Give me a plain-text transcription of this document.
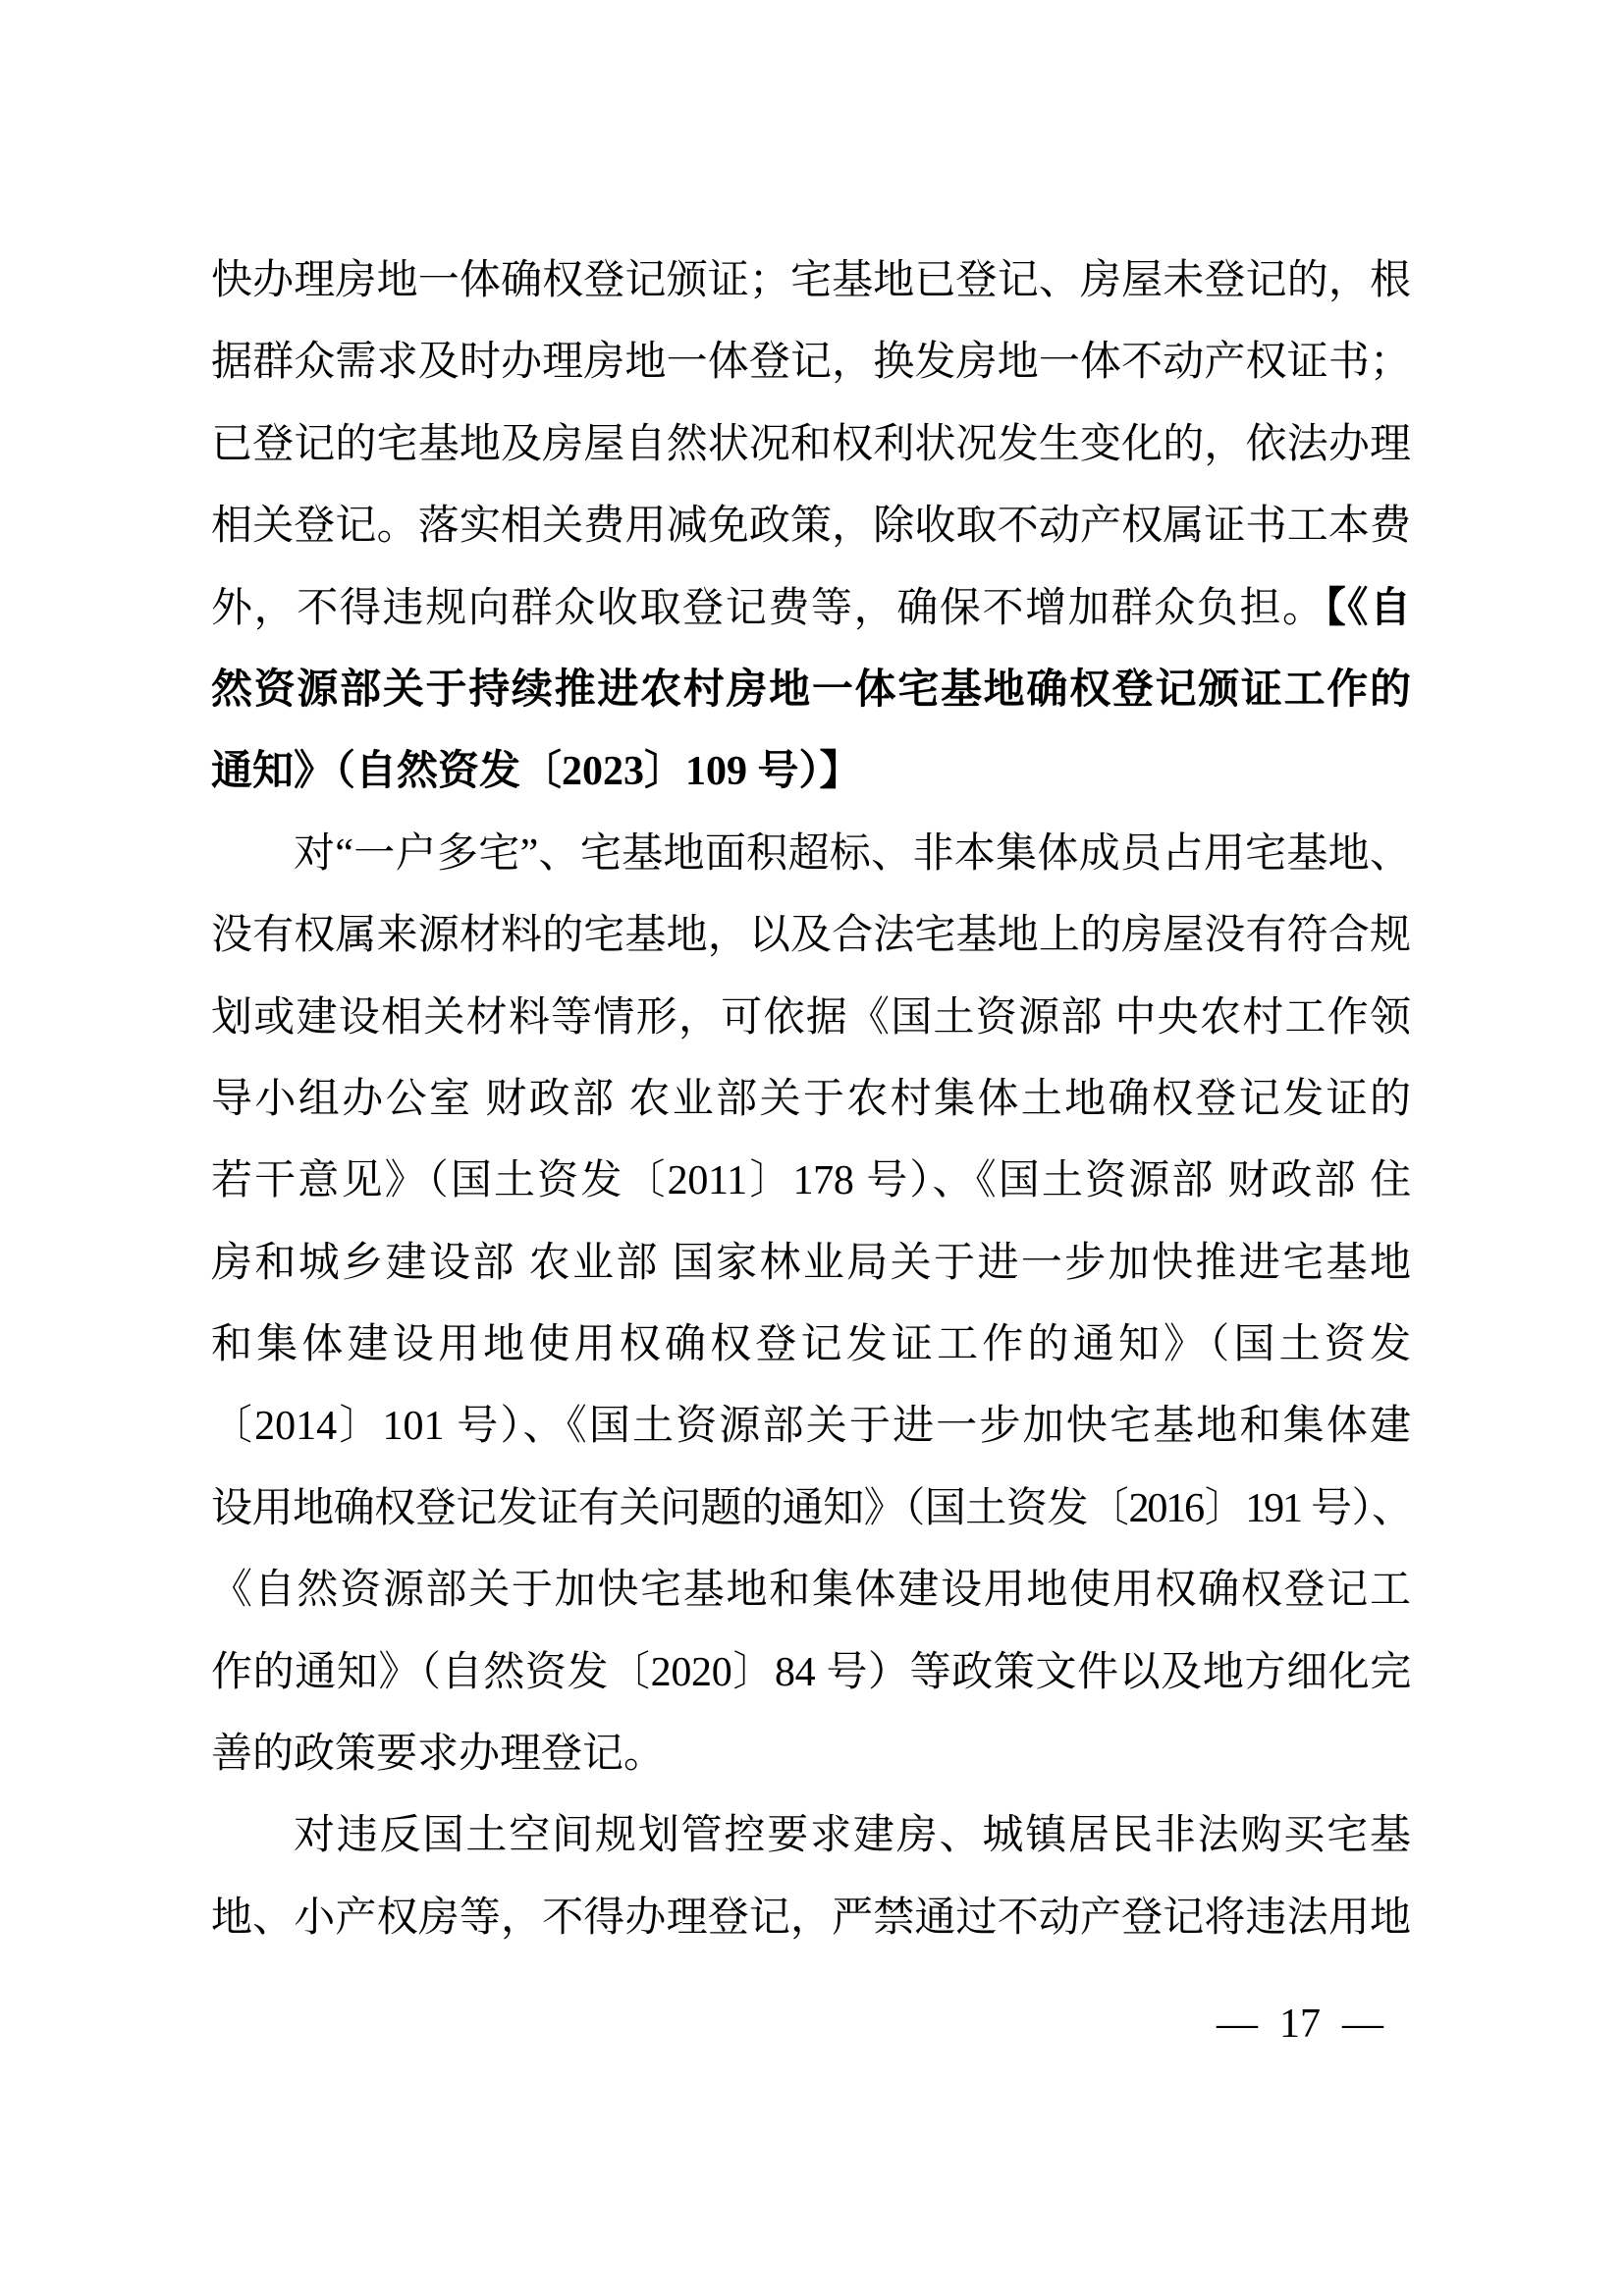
快办理房地一体确权登记颁证；宅基地已登记、房屋未登记的，根
据群众需求及时办理房地一体登记，换发房地一体不动产权证书；
已登记的宅基地及房屋自然状况和权利状况发生变化的，依法办理
相关登记。落实相关费用减免政策，除收取不动产权属证书工本费
外，不得违规向群众收取登记费等，确保不增加群众负担。【《自
然资源部关于持续推进农村房地一体宅基地确权登记颁证工作的
通知》（自然资发〔2023〕109 号）】
对“一户多宅”、宅基地面积超标、非本集体成员占用宅基地、
没有权属来源材料的宅基地，以及合法宅基地上的房屋没有符合规
划或建设相关材料等情形，可依据《国土资源部 中央农村工作领
导小组办公室 财政部 农业部关于农村集体土地确权登记发证的
若干意见》（国土资发〔2011〕178 号）、《国土资源部 财政部 住
房和城乡建设部 农业部 国家林业局关于进一步加快推进宅基地
和集体建设用地使用权确权登记发证工作的通知》（国土资发
〔2014〕101 号）、《国土资源部关于进一步加快宅基地和集体建
设用地确权登记发证有关问题的通知》（国土资发〔2016〕191 号）、
《自然资源部关于加快宅基地和集体建设用地使用权确权登记工
作的通知》（自然资发〔2020〕84 号）等政策文件以及地方细化完
善的政策要求办理登记。
对违反国土空间规划管控要求建房、城镇居民非法购买宅基
地、小产权房等，不得办理登记，严禁通过不动产登记将违法用地
— 17 —
